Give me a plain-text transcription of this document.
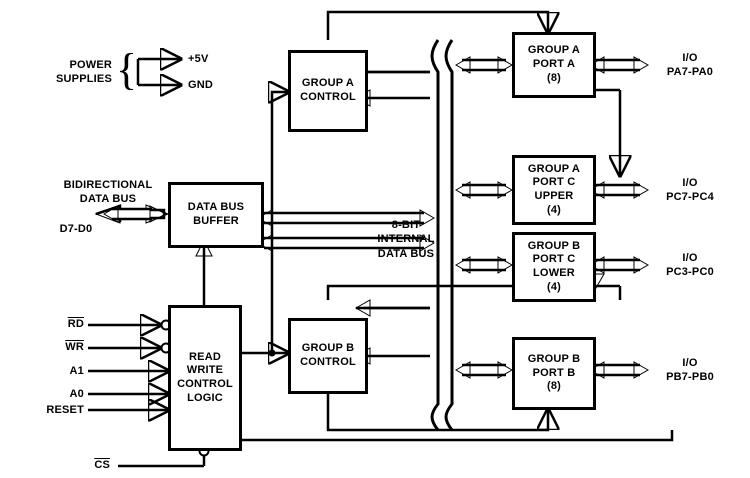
DATA BUS
BUFFER
READ
WRITE
CONTROL
LOGIC
GROUP A
CONTROL
GROUP B
CONTROL
GROUP A
PORT A
(8)
GROUP A
PORT C
UPPER
(4)
GROUP B
PORT C
LOWER
(4)
GROUP B
PORT B
(8)
POWER
SUPPLIES {	+5V
GND
BIDIRECTIONAL
DATA BUS
D7-D0	8-BIT
INTERNAL
DATA BUS
$\overline{RD}$
$\overline{WR}$
A1
A0
RESET
$\overline{CS}$
I/O
PA7-PA0
I/O
PC7-PC4
I/O
PC3-PC0
I/O
PB7-PB0
